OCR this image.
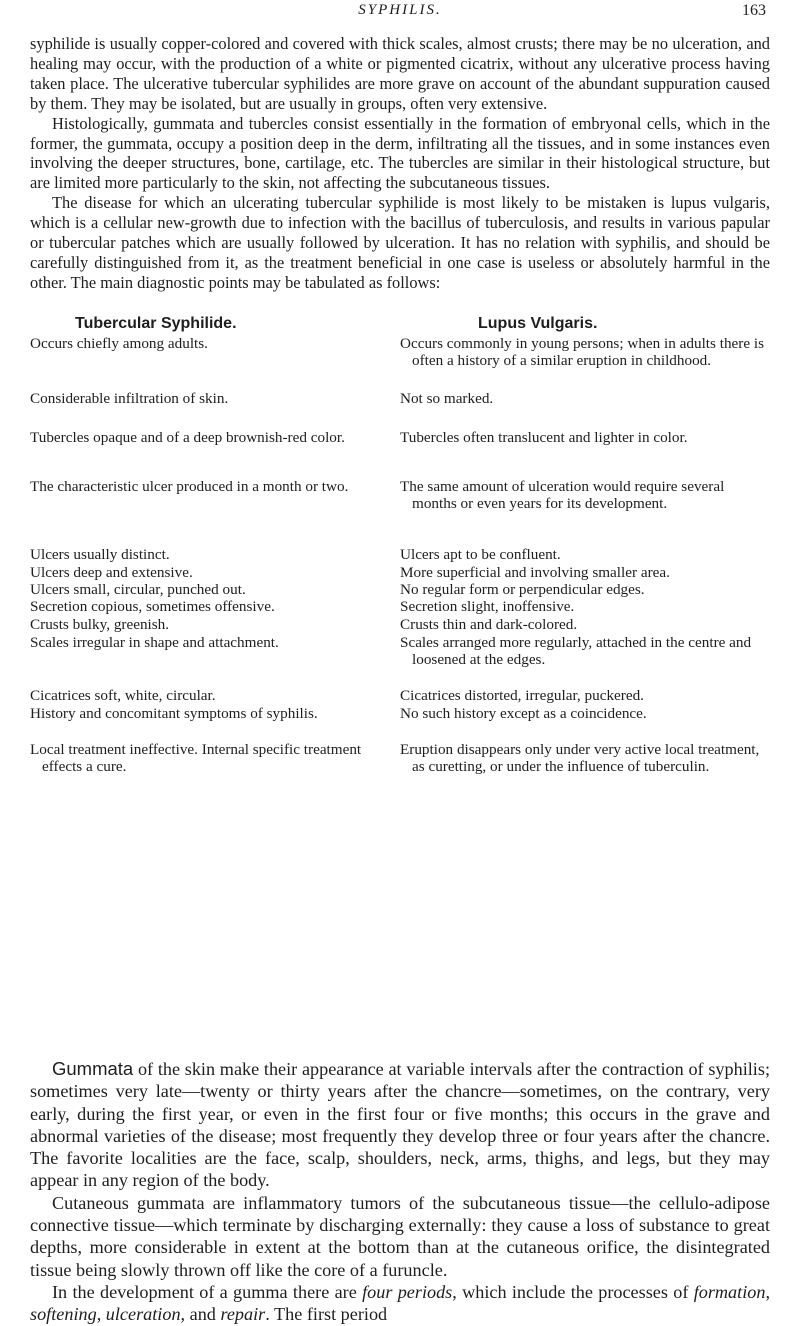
SYPHILIS.	163

syphilide is usually copper-colored and covered with thick scales, almost crusts; there may be no ulceration, and healing may occur, with the production of a white or pigmented cicatrix, without any ulcerative process having taken place. The ulcerative tubercular syphilides are more grave on account of the abundant suppuration caused by them. They may be isolated, but are usually in groups, often very extensive.

Histologically, gummata and tubercles consist essentially in the formation of embryonal cells, which in the former, the gummata, occupy a position deep in the derm, infiltrating all the tissues, and in some instances even involving the deeper structures, bone, cartilage, etc. The tubercles are similar in their histological structure, but are limited more particularly to the skin, not affecting the subcutaneous tissues.

The disease for which an ulcerating tubercular syphilide is most likely to be mistaken is lupus vulgaris, which is a cellular new-growth due to infection with the bacillus of tuberculosis, and results in various papular or tubercular patches which are usually followed by ulceration. It has no relation with syphilis, and should be carefully distinguished from it, as the treatment beneficial in one case is useless or absolutely harmful in the other. The main diagnostic points may be tabulated as follows:

Tubercular Syphilide.

Occurs chiefly among adults.

Considerable infiltration of skin.

Tubercles opaque and of a deep brownish-red color.

The characteristic ulcer produced in a month or two.

Ulcers usually distinct.

Ulcers deep and extensive.

Ulcers small, circular, punched out.

Secretion copious, sometimes offensive.

Crusts bulky, greenish.

Scales irregular in shape and attachment.

Cicatrices soft, white, circular.

History and concomitant symptoms of syphilis.

Local treatment ineffective. Internal specific treatment effects a cure.

Lupus Vulgaris.

Occurs commonly in young persons; when in adults there is often a history of a similar eruption in childhood.

Not so marked.

Tubercles often translucent and lighter in color.

The same amount of ulceration would require several months or even years for its development.

Ulcers apt to be confluent.

More superficial and involving smaller area.

No regular form or perpendicular edges.

Secretion slight, inoffensive.

Crusts thin and dark-colored.

Scales arranged more regularly, attached in the centre and loosened at the edges.

Cicatrices distorted, irregular, puckered.

No such history except as a coincidence.

Eruption disappears only under very active local treatment, as curetting, or under the influence of tuberculin.

Gummata of the skin make their appearance at variable intervals after the contraction of syphilis; sometimes very late—twenty or thirty years after the chancre—sometimes, on the contrary, very early, during the first year, or even in the first four or five months; this occurs in the grave and abnormal varieties of the disease; most frequently they develop three or four years after the chancre. The favorite localities are the face, scalp, shoulders, neck, arms, thighs, and legs, but they may appear in any region of the body.

Cutaneous gummata are inflammatory tumors of the subcutaneous tissue—the cellulo-adipose connective tissue—which terminate by discharging externally: they cause a loss of substance to great depths, more considerable in extent at the bottom than at the cutaneous orifice, the disintegrated tissue being slowly thrown off like the core of a furuncle.

In the development of a gumma there are four periods, which include the processes of formation, softening, ulceration, and repair. The first period
